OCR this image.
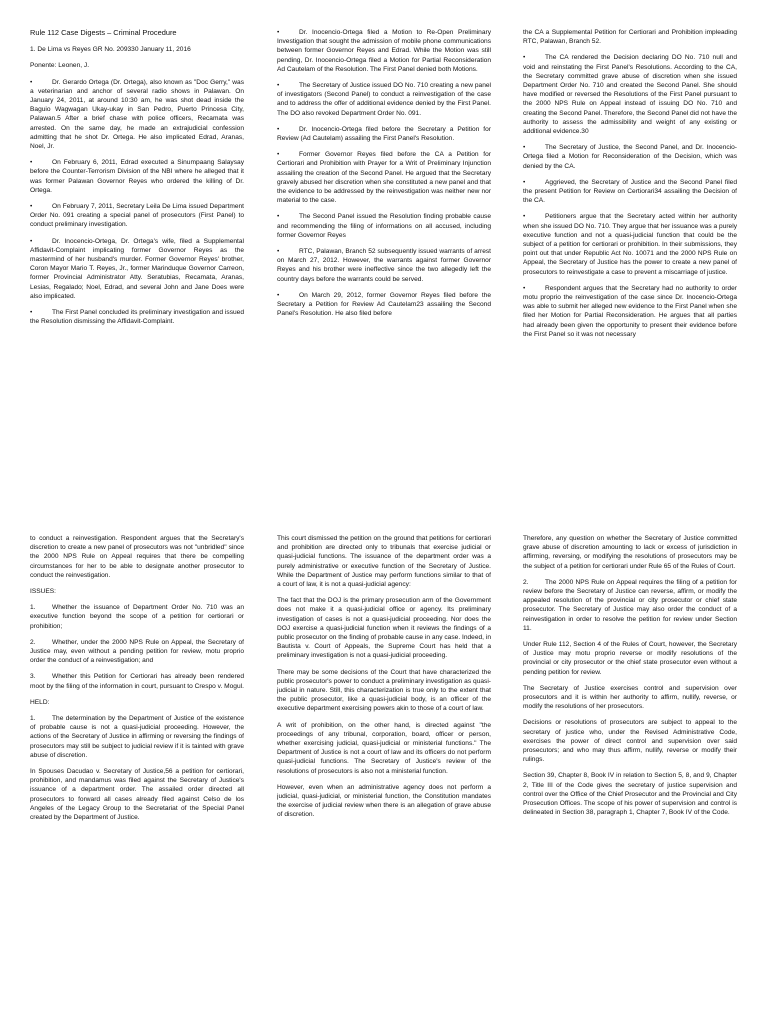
Rule 112 Case Digests – Criminal Procedure

1. De Lima vs Reyes GR No. 209330 January 11, 2016

Ponente: Leonen, J.

•	Dr. Gerardo Ortega (Dr. Ortega), also known as "Doc Gerry," was a veterinarian and anchor of several radio shows in Palawan. On January 24, 2011, at around 10:30 am, he was shot dead inside the Baguio Wagwagan Ukay-ukay in San Pedro, Puerto Princesa City, Palawan.5 After a brief chase with police officers, Recamata was arrested. On the same day, he made an extrajudicial confession admitting that he shot Dr. Ortega. He also implicated Edrad, Aranas, Noel, Jr.

•	On February 6, 2011, Edrad executed a Sinumpaang Salaysay before the Counter-Terrorism Division of the NBI where he alleged that it was former Palawan Governor Reyes who ordered the killing of Dr. Ortega.

•	On February 7, 2011, Secretary Leila De Lima issued Department Order No. 091 creating a special panel of prosecutors (First Panel) to conduct preliminary investigation.

•	Dr. Inocencio-Ortega, Dr. Ortega's wife, filed a Supplemental Affidavit-Complaint implicating former Governor Reyes as the mastermind of her husband's murder. Former Governor Reyes' brother, Coron Mayor Mario T. Reyes, Jr., former Marinduque Governor Carreon, former Provincial Administrator Atty. Seratubias, Recamata, Aranas, Lesias, Regalado; Noel, Edrad, and several John and Jane Does were also implicated.

•	The First Panel concluded its preliminary investigation and issued the Resolution dismissing the Affidavit-Complaint.

•	Dr. Inocencio-Ortega filed a Motion to Re-Open Preliminary Investigation that sought the admission of mobile phone communications between former Governor Reyes and Edrad. While the Motion was still pending, Dr. Inocencio-Ortega filed a Motion for Partial Reconsideration Ad Cautelam of the Resolution. The First Panel denied both Motions.

•	The Secretary of Justice issued DO No. 710 creating a new panel of investigators (Second Panel) to conduct a reinvestigation of the case and to address the offer of additional evidence denied by the First Panel. The DO also revoked Department Order No. 091.

•	Dr. Inocencio-Ortega filed before the Secretary a Petition for Review (Ad Cautelam) assailing the First Panel's Resolution.

•	Former Governor Reyes filed before the CA a Petition for Certiorari and Prohibition with Prayer for a Writ of Preliminary Injunction assailing the creation of the Second Panel. He argued that the Secretary gravely abused her discretion when she constituted a new panel and that the evidence to be addressed by the reinvestigation was neither new nor material to the case.

•	The Second Panel issued the Resolution finding probable cause and recommending the filing of informations on all accused, including former Governor Reyes

•	RTC, Palawan, Branch 52 subsequently issued warrants of arrest on March 27, 2012. However, the warrants against former Governor Reyes and his brother were ineffective since the two allegedly left the country days before the warrants could be served.

•	On March 29, 2012, former Governor Reyes filed before the Secretary a Petition for Review Ad Cautelam23 assailing the Second Panel's Resolution. He also filed before

the CA a Supplemental Petition for Certiorari and Prohibition impleading RTC, Palawan, Branch 52.

•	The CA rendered the Decision declaring DO No. 710 null and void and reinstating the First Panel's Resolutions. According to the CA, the Secretary committed grave abuse of discretion when she issued Department Order No. 710 and created the Second Panel. She should have modified or reversed the Resolutions of the First Panel pursuant to the 2000 NPS Rule on Appeal instead of issuing DO No. 710 and creating the Second Panel. Therefore, the Second Panel did not have the authority to assess the admissibility and weight of any existing or additional evidence.30

•	The Secretary of Justice, the Second Panel, and Dr. Inocencio-Ortega filed a Motion for Reconsideration of the Decision, which was denied by the CA.

•	Aggrieved, the Secretary of Justice and the Second Panel filed the present Petition for Review on Certiorari34 assailing the Decision of the CA.

•	Petitioners argue that the Secretary acted within her authority when she issued DO No. 710. They argue that her issuance was a purely executive function and not a quasi-judicial function that could be the subject of a petition for certiorari or prohibition. In their submissions, they point out that under Republic Act No. 10071 and the 2000 NPS Rule on Appeal, the Secretary of Justice has the power to create a new panel of prosecutors to reinvestigate a case to prevent a miscarriage of justice.

•	Respondent argues that the Secretary had no authority to order motu proprio the reinvestigation of the case since Dr. Inocencio-Ortega was able to submit her alleged new evidence to the First Panel when she filed her Motion for Partial Reconsideration. He argues that all parties had already been given the opportunity to present their evidence before the First Panel so it was not necessary

to conduct a reinvestigation. Respondent argues that the Secretary's discretion to create a new panel of prosecutors was not "unbridled" since the 2000 NPS Rule on Appeal requires that there be compelling circumstances for her to be able to designate another prosecutor to conduct the reinvestigation.

ISSUES:

1.	Whether the issuance of Department Order No. 710 was an executive function beyond the scope of a petition for certiorari or prohibition;

2.	Whether, under the 2000 NPS Rule on Appeal, the Secretary of Justice may, even without a pending petition for review, motu proprio order the conduct of a reinvestigation; and

3.	Whether this Petition for Certiorari has already been rendered moot by the filing of the information in court, pursuant to Crespo v. Mogul.

HELD:

1.	The determination by the Department of Justice of the existence of probable cause is not a quasi-judicial proceeding. However, the actions of the Secretary of Justice in affirming or reversing the findings of prosecutors may still be subject to judicial review if it is tainted with grave abuse of discretion.

In Spouses Dacudao v. Secretary of Justice,56 a petition for certiorari, prohibition, and mandamus was filed against the Secretary of Justice's issuance of a department order. The assailed order directed all prosecutors to forward all cases already filed against Celso de los Angeles of the Legacy Group to the Secretariat of the Special Panel created by the Department of Justice.

This court dismissed the petition on the ground that petitions for certiorari and prohibition are directed only to tribunals that exercise judicial or quasi-judicial functions. The issuance of the department order was a purely administrative or executive function of the Secretary of Justice. While the Department of Justice may perform functions similar to that of a court of law, it is not a quasi-judicial agency:

The fact that the DOJ is the primary prosecution arm of the Government does not make it a quasi-judicial office or agency. Its preliminary investigation of cases is not a quasi-judicial proceeding. Nor does the DOJ exercise a quasi-judicial function when it reviews the findings of a public prosecutor on the finding of probable cause in any case. Indeed, in Bautista v. Court of Appeals, the Supreme Court has held that a preliminary investigation is not a quasi-judicial proceeding.

There may be some decisions of the Court that have characterized the public prosecutor's power to conduct a preliminary investigation as quasi-judicial in nature. Still, this characterization is true only to the extent that the public prosecutor, like a quasi-judicial body, is an officer of the executive department exercising powers akin to those of a court of law.

A writ of prohibition, on the other hand, is directed against "the proceedings of any tribunal, corporation, board, officer or person, whether exercising judicial, quasi-judicial or ministerial functions." The Department of Justice is not a court of law and its officers do not perform quasi-judicial functions. The Secretary of Justice's review of the resolutions of prosecutors is also not a ministerial function.

However, even when an administrative agency does not perform a judicial, quasi-judicial, or ministerial function, the Constitution mandates the exercise of judicial review when there is an allegation of grave abuse of discretion.

Therefore, any question on whether the Secretary of Justice committed grave abuse of discretion amounting to lack or excess of jurisdiction in affirming, reversing, or modifying the resolutions of prosecutors may be the subject of a petition for certiorari under Rule 65 of the Rules of Court.

2.	The 2000 NPS Rule on Appeal requires the filing of a petition for review before the Secretary of Justice can reverse, affirm, or modify the appealed resolution of the provincial or city prosecutor or chief state prosecutor. The Secretary of Justice may also order the conduct of a reinvestigation in order to resolve the petition for review under Section 11.

Under Rule 112, Section 4 of the Rules of Court, however, the Secretary of Justice may motu proprio reverse or modify resolutions of the provincial or city prosecutor or the chief state prosecutor even without a pending petition for review.

The Secretary of Justice exercises control and supervision over prosecutors and it is within her authority to affirm, nullify, reverse, or modify the resolutions of her prosecutors.

Decisions or resolutions of prosecutors are subject to appeal to the secretary of justice who, under the Revised Administrative Code, exercises the power of direct control and supervision over said prosecutors; and who may thus affirm, nullify, reverse or modify their rulings.

Section 39, Chapter 8, Book IV in relation to Section 5, 8, and 9, Chapter 2, Title III of the Code gives the secretary of justice supervision and control over the Office of the Chief Prosecutor and the Provincial and City Prosecution Offices. The scope of his power of supervision and control is delineated in Section 38, paragraph 1, Chapter 7, Book IV of the Code.
